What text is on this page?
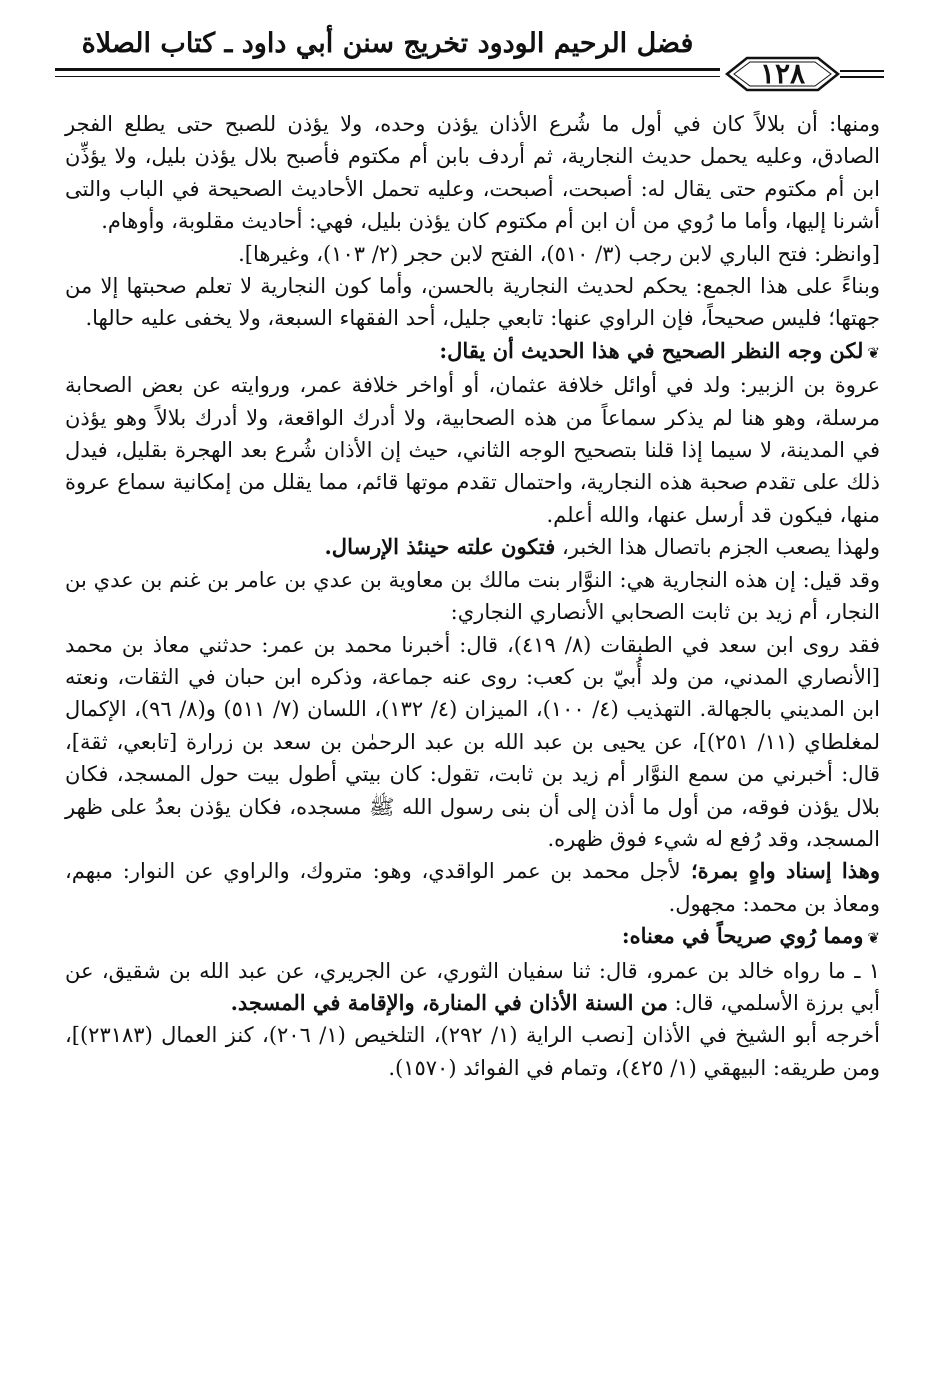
فضل الرحيم الودود تخريج سنن أبي داود ـ كتاب الصلاة
١٢٨

ومنها: أن بلالاً كان في أول ما شُرع الأذان يؤذن وحده، ولا يؤذن للصبح حتى يطلع الفجر الصادق، وعليه يحمل حديث النجارية، ثم أردف بابن أم مكتوم فأصبح بلال يؤذن بليل، ولا يؤذِّن ابن أم مكتوم حتى يقال له: أصبحت، أصبحت، وعليه تحمل الأحاديث الصحيحة في الباب والتى أشرنا إليها، وأما ما رُوي من أن ابن أم مكتوم كان يؤذن بليل، فهي: أحاديث مقلوبة، وأوهام.

[وانظر: فتح الباري لابن رجب (٣/ ٥١٠)، الفتح لابن حجر (٢/ ١٠٣)، وغيرها].

وبناءً على هذا الجمع: يحكم لحديث النجارية بالحسن، وأما كون النجارية لا تعلم صحبتها إلا من جهتها؛ فليس صحيحاً، فإن الراوي عنها: تابعي جليل، أحد الفقهاء السبعة، ولا يخفى عليه حالها.

❦لكن وجه النظر الصحيح في هذا الحديث أن يقال:

عروة بن الزبير: ولد في أوائل خلافة عثمان، أو أواخر خلافة عمر، وروايته عن بعض الصحابة مرسلة، وهو هنا لم يذكر سماعاً من هذه الصحابية، ولا أدرك الواقعة، ولا أدرك بلالاً وهو يؤذن في المدينة، لا سيما إذا قلنا بتصحيح الوجه الثاني، حيث إن الأذان شُرع بعد الهجرة بقليل، فيدل ذلك على تقدم صحبة هذه النجارية، واحتمال تقدم موتها قائم، مما يقلل من إمكانية سماع عروة منها، فيكون قد أرسل عنها، والله أعلم.

ولهذا يصعب الجزم باتصال هذا الخبر، فتكون علته حينئذ الإرسال.

وقد قيل: إن هذه النجارية هي: النوَّار بنت مالك بن معاوية بن عدي بن عامر بن غنم بن عدي بن النجار، أم زيد بن ثابت الصحابي الأنصاري النجاري:

فقد روى ابن سعد في الطبقات (٨/ ٤١٩)، قال: أخبرنا محمد بن عمر: حدثني معاذ بن محمد [الأنصاري المدني، من ولد أُبيّ بن كعب: روى عنه جماعة، وذكره ابن حبان في الثقات، ونعته ابن المديني بالجهالة. التهذيب (٤/ ١٠٠)، الميزان (٤/ ١٣٢)، اللسان (٧/ ٥١١) و(٨/ ٩٦)، الإكمال لمغلطاي (١١/ ٢٥١)]، عن يحيى بن عبد الله بن عبد الرحمٰن بن سعد بن زرارة [تابعي، ثقة]، قال: أخبرني من سمع النوَّار أم زيد بن ثابت، تقول: كان بيتي أطول بيت حول المسجد، فكان بلال يؤذن فوقه، من أول ما أذن إلى أن بنى رسول الله ﷺ مسجده، فكان يؤذن بعدُ على ظهر المسجد، وقد رُفع له شيء فوق ظهره.

وهذا إسناد واهٍ بمرة؛ لأجل محمد بن عمر الواقدي، وهو: متروك، والراوي عن النوار: مبهم، ومعاذ بن محمد: مجهول.

❦ومما رُوي صريحاً في معناه:

١ ـ ما رواه خالد بن عمرو، قال: ثنا سفيان الثوري، عن الجريري، عن عبد الله بن شقيق، عن أبي برزة الأسلمي، قال: من السنة الأذان في المنارة، والإقامة في المسجد.

أخرجه أبو الشيخ في الأذان [نصب الراية (١/ ٢٩٢)، التلخيص (١/ ٢٠٦)، كنز العمال (٢٣١٨٣)]، ومن طريقه: البيهقي (١/ ٤٢٥)، وتمام في الفوائد (١٥٧٠).
